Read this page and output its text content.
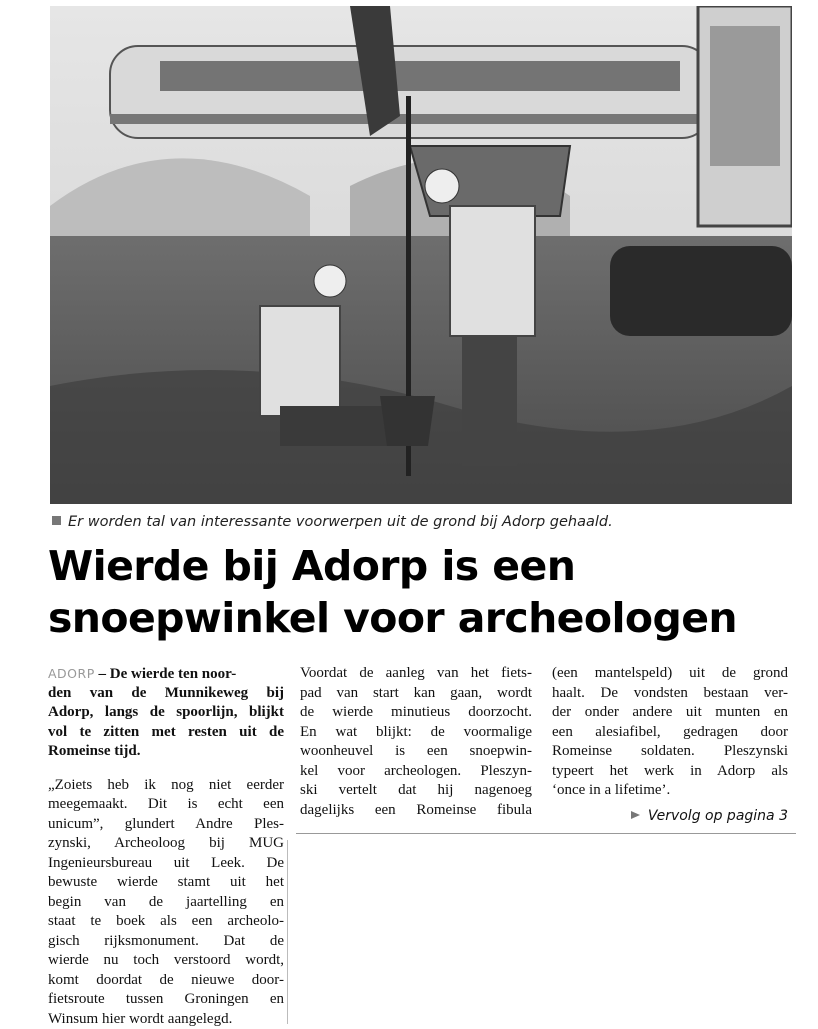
Er worden tal van interessante voorwerpen uit de grond bij Adorp gehaald.
Wierde bij Adorp is een
snoepwinkel voor archeologen
ADORP – De wierde ten noor-
den van de Munnikeweg bij
Adorp, langs de spoorlijn, blijkt
vol te zitten met resten uit de
Romeinse tijd.
„Zoiets heb ik nog niet eerder
meegemaakt. Dit is echt een
unicum”, glundert Andre Ples-
zynski, Archeoloog bij MUG
Ingenieursbureau uit Leek. De
bewuste wierde stamt uit het
begin van de jaartelling en
staat te boek als een archeolo-
gisch rijksmonument. Dat de
wierde nu toch verstoord wordt,
komt doordat de nieuwe door-
fietsroute tussen Groningen en
Winsum hier wordt aangelegd.
Voordat de aanleg van het fiets-
pad van start kan gaan, wordt
de wierde minutieus doorzocht.
En wat blijkt: de voormalige
woonheuvel is een snoepwin-
kel voor archeologen. Pleszyn-
ski vertelt dat hij nagenoeg
dagelijks een Romeinse fibula
(een mantelspeld) uit de grond
haalt. De vondsten bestaan ver-
der onder andere uit munten en
een alesiafibel, gedragen door
Romeinse soldaten. Pleszynski
typeert het werk in Adorp als
‘once in a lifetime’.
Vervolg op pagina 3
